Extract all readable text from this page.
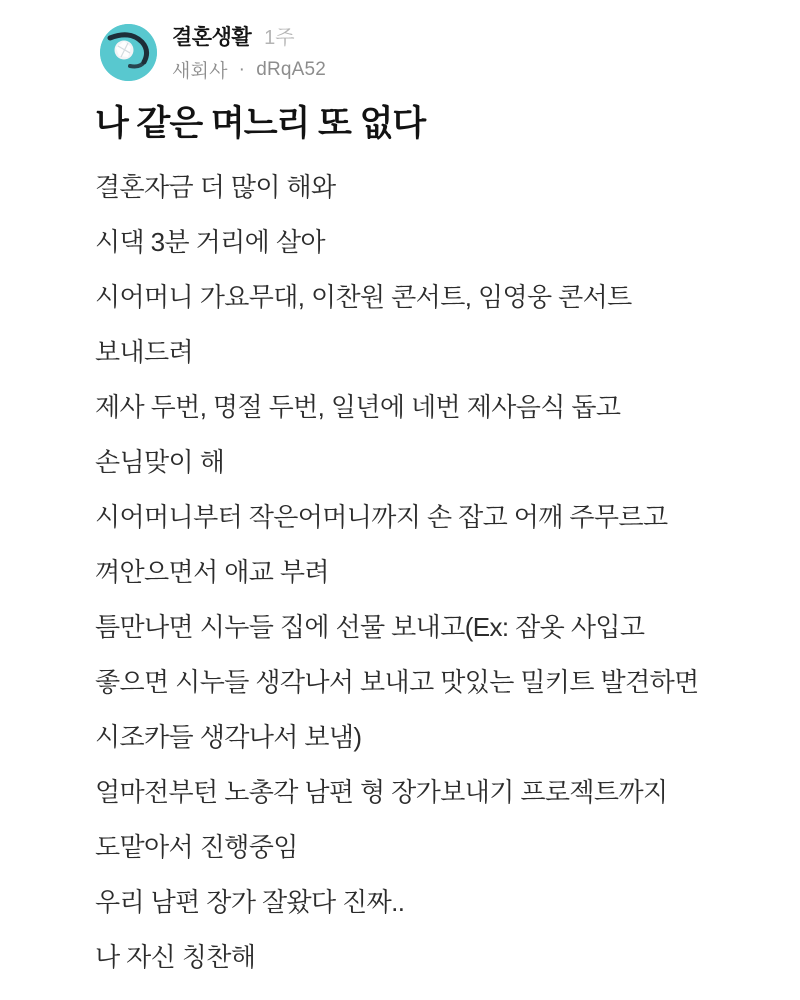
결혼생활 1주
새회사 · dRqA52
나 같은 며느리 또 없다
결혼자금 더 많이 해와
시댁 3분 거리에 살아
시어머니 가요무대, 이찬원 콘서트, 임영웅 콘서트
보내드려
제사 두번, 명절 두번, 일년에 네번 제사음식 돕고
손님맞이 해
시어머니부터 작은어머니까지 손 잡고 어깨 주무르고
껴안으면서 애교 부려
틈만나면 시누들 집에 선물 보내고(Ex: 잠옷 사입고
좋으면 시누들 생각나서 보내고 맛있는 밀키트 발견하면
시조카들 생각나서 보냄)
얼마전부턴 노총각 남편 형 장가보내기 프로젝트까지
도맡아서 진행중임
우리 남편 장가 잘왔다 진짜..
나 자신 칭찬해
